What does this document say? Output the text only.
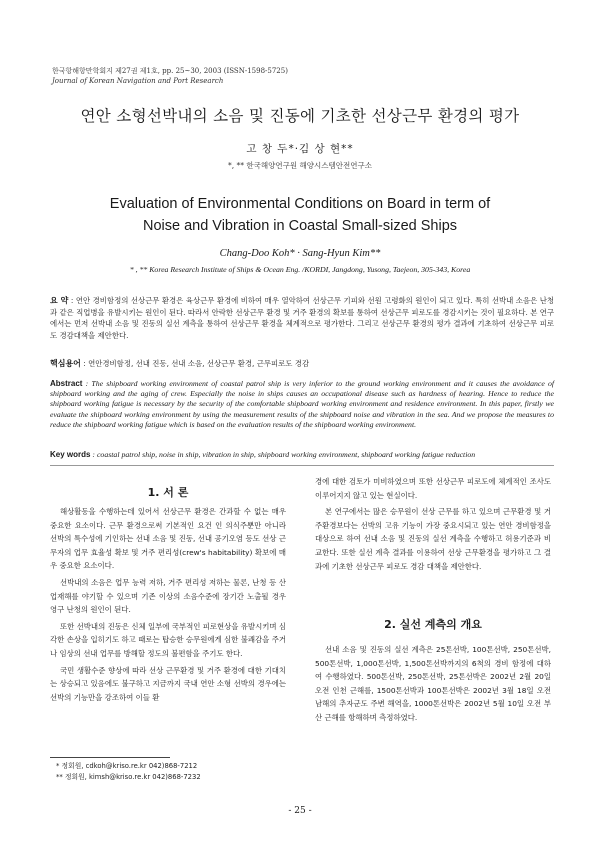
한국항해항만학회지 제27권 제1호, pp. 25~30, 2003 (ISSN-1598-5725)
Journal of Korean Navigation and Port Research
연안 소형선박내의 소음 및 진동에 기초한 선상근무 환경의 평가
고 창 두*·김 상 현**
*, ** 한국해양연구원 해양시스템안전연구소
Evaluation of Environmental Conditions on Board in term of
Noise and Vibration in Coastal Small-sized Ships
Chang-Doo Koh* · Sang-Hyun Kim**
* , ** Korea Research Institute of Ships & Ocean Eng. /KORDI, Jangdong, Yusong, Taejeon, 305-343, Korea
요 약 : 연안 경비함정의 선상근무 환경은 육상근무 환경에 비하여 매우 열악하여 선상근무 기피와 선원 고령화의 원인이 되고 있다. 특히 선박내 소음은 난청과 같은 직업병을 유발시키는 원인이 된다. 따라서 안락한 선상근무 환경 및 거주 환경의 확보를 통하여 선상근무 피로도를 경감시키는 것이 필요하다. 본 연구에서는 먼저 선박내 소음 및 진동의 실선 계측을 통하여 선상근무 환경을 체계적으로 평가한다. 그리고 선상근무 환경의 평가 결과에 기초하여 선상근무 피로도 경감대책을 제안한다.
핵심용어 : 연안경비함정, 선내 진동, 선내 소음, 선상근무 환경, 근무피로도 경감
Abstract : The shipboard working environment of coastal patrol ship is very inferior to the ground working environment and it causes the avoidance of shipboard working and the aging of crew. Especially the noise in ships causes an occupational disease such as hardness of hearing. Hence to reduce the shipboard working fatigue is necessary by the security of the comfortable shipboard working environment and residence environment. In this paper, firstly we evaluate the shipboard working environment by using the measurement results of the shipboard noise and vibration in the sea. And we propose the measures to reduce the shipboard working fatigue which is based on the evaluation results of the shipboard working environment.
Key words : coastal patrol ship, noise in ship, vibration in ship, shipboard working environment, shipboard working fatigue reduction
1. 서 론

해상활동을 수행하는데 있어서 선상근무 환경은 간과할 수 없는 매우 중요한 요소이다. 근무 환경으로써 기본적인 요건 인 의식주뿐만 아니라 선박의 특수성에 기인하는 선내 소음 및 진동, 선내 공기오염 등도 선상 근무자의 업무 효율성 확보 및 거주 편리성(crew's habitability) 확보에 매우 중요한 요소이다.

선박내의 소음은 업무 능력 저하, 거주 편리성 저하는 물론, 난청 등 산업재해를 야기할 수 있으며 기존 이상의 소음수준에 장기간 노출될 경우 영구 난청의 원인이 된다.

또한 선박내의 진동은 신체 일부에 국부적인 피로현상을 유발시키며 심각한 손상을 입히기도 하고 때로는 탑승한 승무원에게 심한 불쾌감을 주거나 임상의 선내 업무를 방해할 정도의 불편함을 주기도 한다.

국민 생활수준 향상에 따라 선상 근무환경 및 거주 환경에 대한 기대치는 상승되고 있음에도 불구하고 지금까지 국내 연안 소형 선박의 경우에는 선박의 기능만을 강조하여 이들 환

경에 대한 검토가 미비하였으며 또한 선상근무 피로도에 체계적인 조사도 이루어지지 않고 있는 현실이다.

본 연구에서는 많은 승무원이 선상 근무를 하고 있으며 근무환경 및 거주환경보다는 선박의 고유 기능이 가장 중요시되고 있는 연안 경비함정을 대상으로 하여 선내 소음 및 진동의 실선 계측을 수행하고 허용기준과 비교한다. 또한 실선 계측 결과를 이용하여 선상 근무환경을 평가하고 그 결과에 기초한 선상근무 피로도 경감 대책을 제안한다.

2. 실선 계측의 개요

선내 소음 및 진동의 실선 계측은 25톤선박, 100톤선박, 250톤선박, 500톤선박, 1,000톤선박, 1,500톤선박까지의 6척의 경비 함정에 대하여 수행하였다. 500톤선박, 250톤선박, 25톤선박은 2002년 2월 20일 오전 인천 근해를, 1500톤선박과 100톤선박은 2002년 3월 18일 오전 남해의 추자군도 주변 해역을, 1000톤선박은 2002년 5월 10일 오전 부산 근해를 항해하며 측정하였다.

* 정회원, cdkoh@kriso.re.kr 042)868-7212
** 정회원, kimsh@kriso.re.kr 042)868-7232
- 25 -
